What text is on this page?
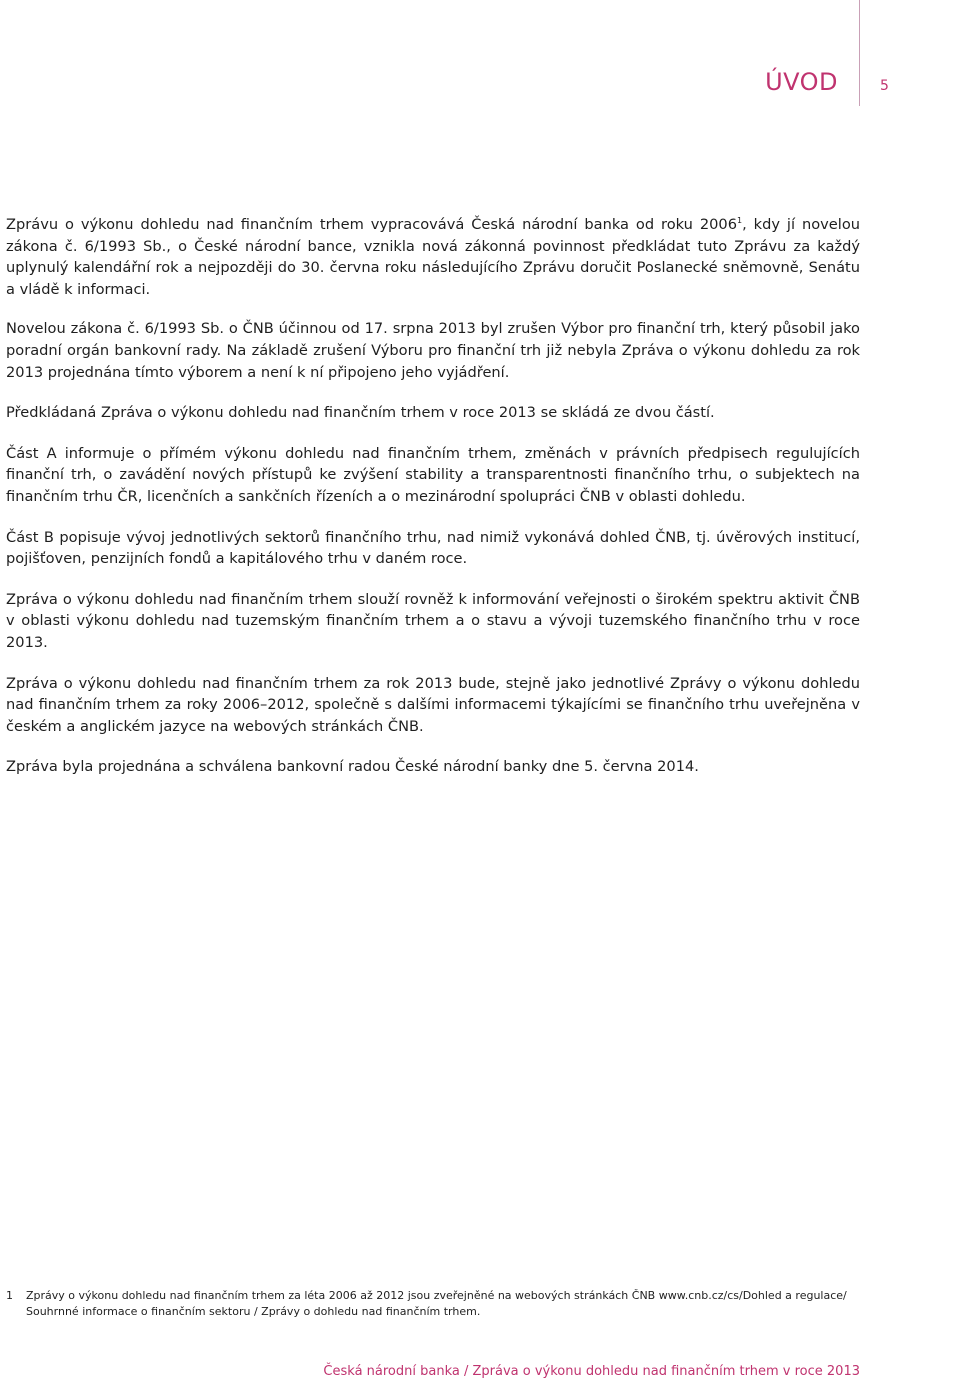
ÚVOD	5

Zprávu o výkonu dohledu nad finančním trhem vypracovává Česká národní banka od roku 2006$^1$, kdy jí novelou zákona č. 6/1993 Sb., o České národní bance, vznikla nová zákonná povinnost předkládat tuto Zprávu za každý uplynulý kalendářní rok a nejpozději do 30. června roku následujícího Zprávu doručit Poslanecké sněmovně, Senátu a vládě k informaci.

Novelou zákona č. 6/1993 Sb. o ČNB účinnou od 17. srpna 2013 byl zrušen Výbor pro finanční trh, který působil jako poradní orgán bankovní rady. Na základě zrušení Výboru pro finanční trh již nebyla Zpráva o výkonu dohledu za rok 2013 projednána tímto výborem a není k ní připojeno jeho vyjádření.

Předkládaná Zpráva o výkonu dohledu nad finančním trhem v roce 2013 se skládá ze dvou částí.

Část A informuje o přímém výkonu dohledu nad finančním trhem, změnách v právních předpisech regulujících finanční trh, o zavádění nových přístupů ke zvýšení stability a transparentnosti finančního trhu, o subjektech na finančním trhu ČR, licenčních a sankčních řízeních a o mezinárodní spolupráci ČNB v oblasti dohledu.

Část B popisuje vývoj jednotlivých sektorů finančního trhu, nad nimiž vykonává dohled ČNB, tj. úvěrových institucí, pojišťoven, penzijních fondů a kapitálového trhu v daném roce.

Zpráva o výkonu dohledu nad finančním trhem slouží rovněž k informování veřejnosti o širokém spektru aktivit ČNB v oblasti výkonu dohledu nad tuzemským finančním trhem a o stavu a vývoji tuzemského finančního trhu v roce 2013.

Zpráva o výkonu dohledu nad finančním trhem za rok 2013 bude, stejně jako jednotlivé Zprávy o výkonu dohledu nad finančním trhem za roky 2006–2012, společně s dalšími informacemi týkajícími se finančního trhu uveřejněna v českém a anglickém jazyce na webových stránkách ČNB.

Zpráva byla projednána a schválena bankovní radou České národní banky dne 5. června 2014.

1 Zprávy o výkonu dohledu nad finančním trhem za léta 2006 až 2012 jsou zveřejněné na webových stránkách ČNB www.cnb.cz/cs/Dohled a regulace/ Souhrnné informace o finančním sektoru / Zprávy o dohledu nad finančním trhem.
Česká národní banka / Zpráva o výkonu dohledu nad finančním trhem v roce 2013
